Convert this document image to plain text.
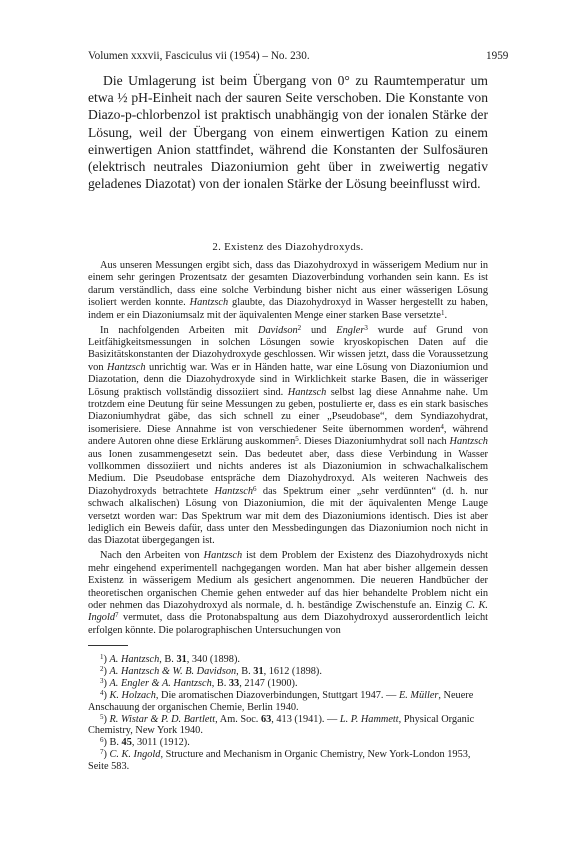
Volumen xxxvii, Fasciculus vii (1954) – No. 230.	1959
Die Umlagerung ist beim Übergang von 0° zu Raumtemperatur um etwa ½ pH-Einheit nach der sauren Seite verschoben. Die Konstante von Diazo-p-chlorbenzol ist praktisch unabhängig von der ionalen Stärke der Lösung, weil der Übergang von einem einwertigen Kation zu einem einwertigen Anion stattfindet, während die Konstanten der Sulfosäuren (elektrisch neutrales Diazoniumion geht über in zweiwertig negativ geladenes Diazotat) von der ionalen Stärke der Lösung beeinflusst wird.
2. Existenz des Diazohydroxyds.

Aus unseren Messungen ergibt sich, dass das Diazohydroxyd in wässerigem Medium nur in einem sehr geringen Prozentsatz der gesamten Diazoverbindung vorhanden sein kann. Es ist darum verständlich, dass eine solche Verbindung bisher nicht aus einer wässerigen Lösung isoliert werden konnte. Hantzsch glaubte, das Diazohydroxyd in Wasser hergestellt zu haben, indem er ein Diazoniumsalz mit der äquivalenten Menge einer starken Base versetzte$^1$.

In nachfolgenden Arbeiten mit Davidson$^2$ und Engler$^3$ wurde auf Grund von Leitfähigkeitsmessungen in solchen Lösungen sowie kryoskopischen Daten auf die Basizitätskonstanten der Diazohydroxyde geschlossen. Wir wissen jetzt, dass die Voraussetzung von Hantzsch unrichtig war. Was er in Händen hatte, war eine Lösung von Diazoniumion und Diazotation, denn die Diazohydroxyde sind in Wirklichkeit starke Basen, die in wässeriger Lösung praktisch vollständig dissoziiert sind. Hantzsch selbst lag diese Annahme nahe. Um trotzdem eine Deutung für seine Messungen zu geben, postulierte er, dass es ein stark basisches Diazoniumhydrat gäbe, das sich schnell zu einer „Pseudobase“, dem Syndiazohydrat, isomerisiere. Diese Annahme ist von verschiedener Seite übernommen worden$^4$, während andere Autoren ohne diese Erklärung auskommen$^5$. Dieses Diazoniumhydrat soll nach Hantzsch aus Ionen zusammengesetzt sein. Das bedeutet aber, dass diese Verbindung in Wasser vollkommen dissoziiert und nichts anderes ist als Diazoniumion in schwachalkalischem Medium. Die Pseudobase entspräche dem Diazohydroxyd. Als weiteren Nachweis des Diazohydroxyds betrachtete Hantzsch$^6$ das Spektrum einer „sehr verdünnten“ (d. h. nur schwach alkalischen) Lösung von Diazoniumion, die mit der äquivalenten Menge Lauge versetzt worden war: Das Spektrum war mit dem des Diazoniumions identisch. Dies ist aber lediglich ein Beweis dafür, dass unter den Messbedingungen das Diazoniumion noch nicht in das Diazotat übergegangen ist.

Nach den Arbeiten von Hantzsch ist dem Problem der Existenz des Diazohydroxyds nicht mehr eingehend experimentell nachgegangen worden. Man hat aber bisher allgemein dessen Existenz in wässerigem Medium als gesichert angenommen. Die neueren Handbücher der theoretischen organischen Chemie gehen entweder auf das hier behandelte Problem nicht ein oder nehmen das Diazohydroxyd als normale, d. h. beständige Zwischenstufe an. Einzig C. K. Ingold$^7$ vermutet, dass die Protonabspaltung aus dem Diazohydroxyd ausserordentlich leicht erfolgen könnte. Die polarographischen Untersuchungen von

$^1$) A. Hantzsch, B. 31, 340 (1898).

$^2$) A. Hantzsch & W. B. Davidson, B. 31, 1612 (1898).

$^3$) A. Engler & A. Hantzsch, B. 33, 2147 (1900).

$^4$) K. Holzach, Die aromatischen Diazoverbindungen, Stuttgart 1947. — E. Müller, Neuere Anschauung der organischen Chemie, Berlin 1940.

$^5$) R. Wistar & P. D. Bartlett, Am. Soc. 63, 413 (1941). — L. P. Hammett, Physical Organic Chemistry, New York 1940.

$^6$) B. 45, 3011 (1912).

$^7$) C. K. Ingold, Structure and Mechanism in Organic Chemistry, New York-London 1953, Seite 583.
